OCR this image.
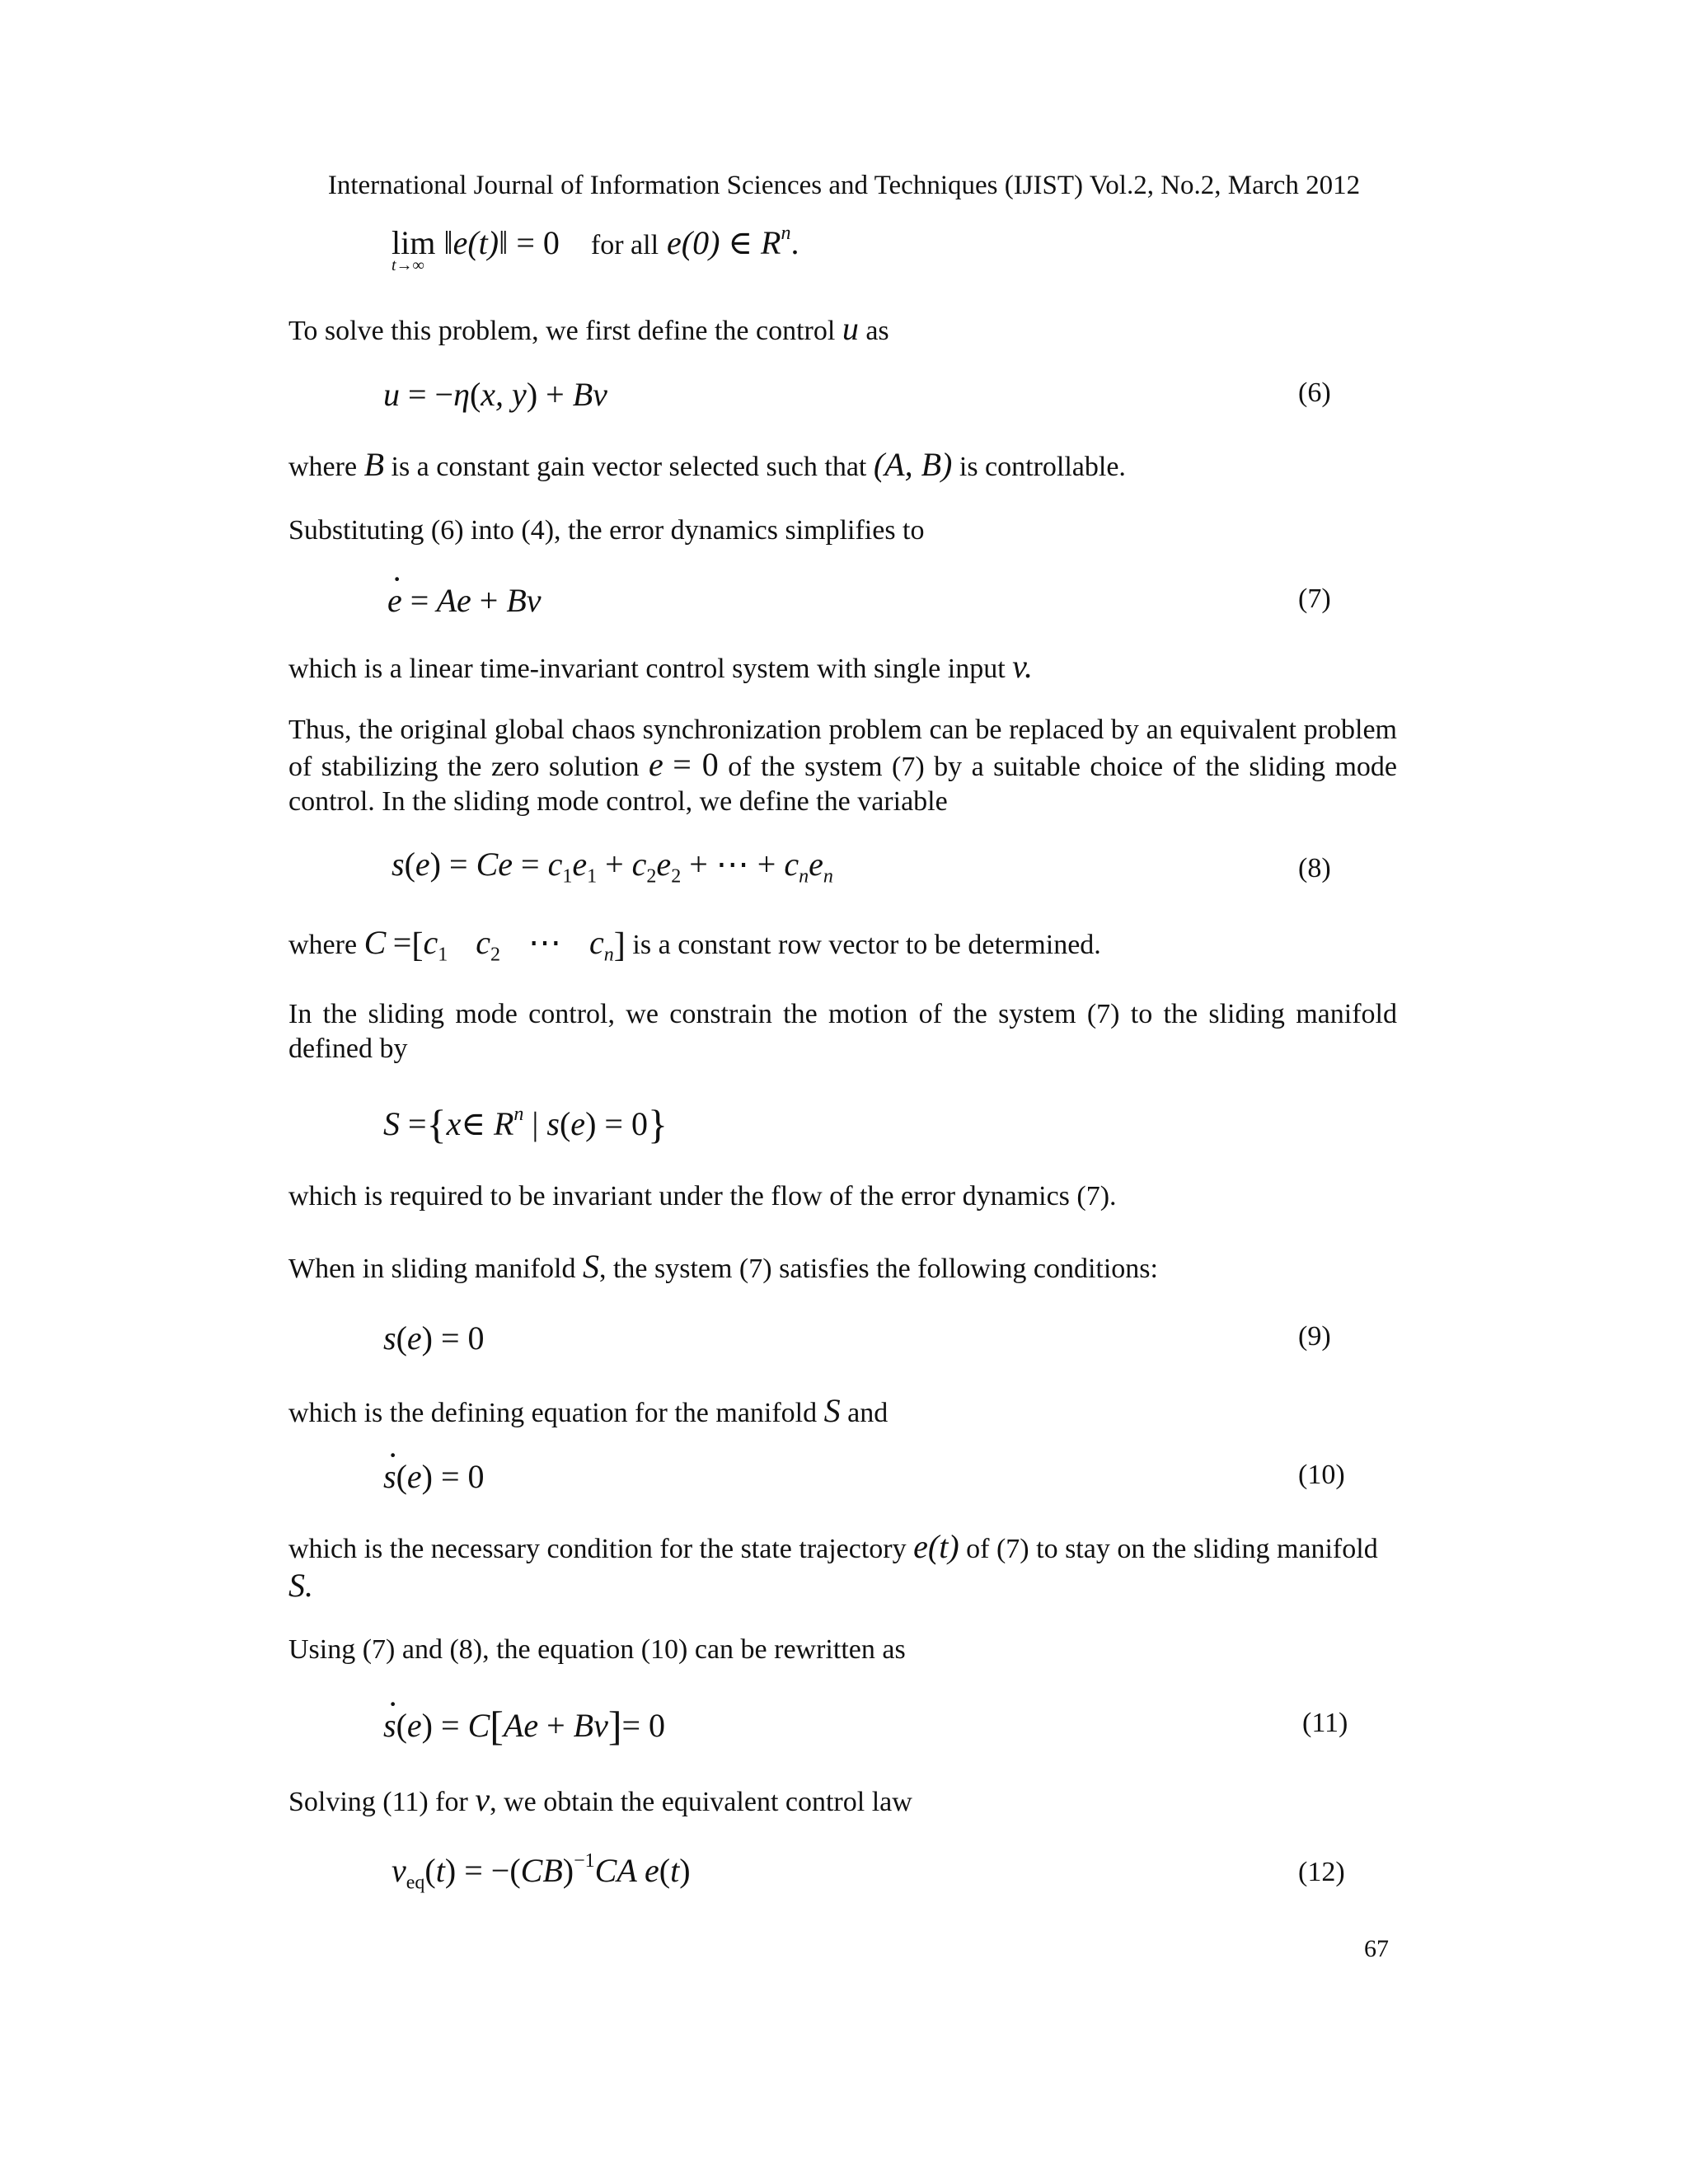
International Journal of Information Sciences and Techniques (IJIST) Vol.2, No.2, March 2012
lim
t→∞
‖e(t)‖ = 0 for all e(0) ∈ $R^n$.
To solve this problem, we first define the control u as
u = −η(x, y) + Bv	(6)
where B is a constant gain vector selected such that (A, B) is controllable.
Substituting (6) into (4), the error dynamics simplifies to
· e = Ae + Bv	(7)
which is a linear time-invariant control system with single input v.
Thus, the original global chaos synchronization problem can be replaced by an equivalent problem of stabilizing the zero solution e = 0 of the system (7) by a suitable choice of the sliding mode control. In the sliding mode control, we define the variable
$s(e) = Ce = c_1e_1 + c_2e_2$ + ⋯ + $c_ne_n$	(8)
where $C =[c_1$ $c_2$ ⋯ $c_n$] is a constant row vector to be determined.
In the sliding mode control, we constrain the motion of the system (7) to the sliding manifold defined by
S ={x∈ $R^n$ | s(e) = 0}
which is required to be invariant under the flow of the error dynamics (7).
When in sliding manifold S, the system (7) satisfies the following conditions:
s(e) = 0	(9)
which is the defining equation for the manifold S and
· s(e) = 0	(10)
which is the necessary condition for the state trajectory e(t) of (7) to stay on the sliding manifold
S.
Using (7) and (8), the equation (10) can be rewritten as
· s(e) = C[Ae + Bv]= 0	(11)
Solving (11) for v, we obtain the equivalent control law
$v_{eq}(t) = -(CB)^{-1}CA$ e(t)	(12)
67
